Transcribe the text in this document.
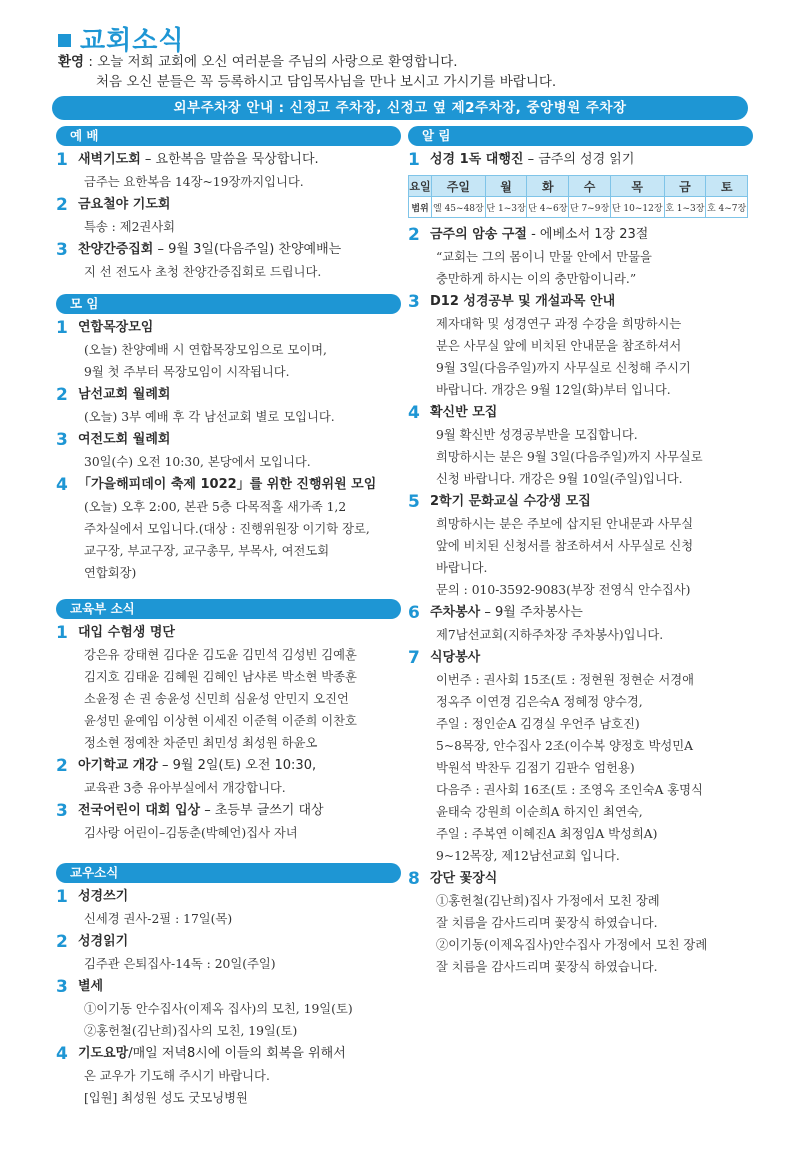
교회소식
환영 : 오늘 저희 교회에 오신 여러분을 주님의 사랑으로 환영합니다.
처음 오신 분들은 꼭 등록하시고 담임목사님을 만나 보시고 가시기를 바랍니다.
외부주차장 안내 : 신정고 주차장, 신정고 옆 제2주차장, 중앙병원 주차장
예 배
1 새벽기도회 – 요한복음 말씀을 묵상합니다.
금주는 요한복음 14장~19장까지입니다.
2 금요철야 기도회
특송 : 제2권사회
3 찬양간증집회 – 9월 3일(다음주일) 찬양예배는
지 선 전도사 초청 찬양간증집회로 드립니다.
모 임
1 연합목장모임
(오늘) 찬양예배 시 연합목장모임으로 모이며,
9월 첫 주부터 목장모임이 시작됩니다.
2 남선교회 월례회
(오늘) 3부 예배 후 각 남선교회 별로 모입니다.
3 여전도회 월례회
30일(수) 오전 10:30, 본당에서 모입니다.
4 「가을해피데이 축제 1022」를 위한 진행위원 모임
(오늘) 오후 2:00, 본관 5층 다목적홀 새가족 1,2
주차실에서 모입니다.(대상 : 진행위원장 이기학 장로,
교구장, 부교구장, 교구총무, 부목사, 여전도회
연합회장)
교육부 소식
1 대입 수험생 명단
강은유 강태현 김다운 김도윤 김민석 김성빈 김예훈
김지호 김태윤 김혜원 김혜인 남샤론 박소현 박종훈
소윤정 손 권 송윤성 신민희 심윤성 안민지 오진언
윤성민 윤예임 이상현 이세진 이준혁 이준희 이찬호
정소현 정예찬 차준민 최민성 최성원 하윤오
2 아기학교 개강 – 9월 2일(토) 오전 10:30,
교육관 3층 유아부실에서 개강합니다.
3 전국어린이 대회 입상 – 초등부 글쓰기 대상
김사랑 어린이–김동춘(박혜언)집사 자녀
교우소식
1 성경쓰기
신세경 권사-2필 : 17일(목)
2 성경읽기
김주관 은퇴집사-14독 : 20일(주일)
3 별세
①이기동 안수집사(이제옥 집사)의 모친, 19일(토)
②홍헌철(김난희)집사의 모친, 19일(토)
4 기도요망/매일 저녁8시에 이들의 회복을 위해서
온 교우가 기도해 주시기 바랍니다.
[입원] 최성원 성도 굿모닝병원
알 림
1 성경 1독 대행진 – 금주의 성경 읽기
요일	주일	월	화	수	목	금	토
범위	엘 45~48장	단 1~3장	단 4~6장	단 7~9장	단 10~12장	호 1~3장	호 4~7장
2 금주의 암송 구절 - 에베소서 1장 23절
“교회는 그의 몸이니 만물 안에서 만물을
충만하게 하시는 이의 충만함이니라.”
3 D12 성경공부 및 개설과목 안내
제자대학 및 성경연구 과정 수강을 희망하시는
분은 사무실 앞에 비치된 안내문을 참조하셔서
9월 3일(다음주일)까지 사무실로 신청해 주시기
바랍니다. 개강은 9월 12일(화)부터 입니다.
4 확신반 모집
9월 확신반 성경공부반을 모집합니다.
희망하시는 분은 9월 3일(다음주일)까지 사무실로
신청 바랍니다. 개강은 9월 10일(주일)입니다.
5 2학기 문화교실 수강생 모집
희망하시는 분은 주보에 삽지된 안내문과 사무실
앞에 비치된 신청서를 참조하셔서 사무실로 신청
바랍니다.
문의 : 010-3592-9083(부장 전영식 안수집사)
6 주차봉사 – 9월 주차봉사는
제7남선교회(지하주차장 주차봉사)입니다.
7 식당봉사
이번주 : 권사회 15조(토 : 정현원 정현순 서경애
정옥주 이연경 김은숙A 정혜정 양수경,
주일 : 정인순A 김경실 우언주 남호진)
5~8목장, 안수집사 2조(이수복 양정호 박성민A
박원석 박찬두 김점기 김판수 엄헌용)
다음주 : 권사회 16조(토 : 조영옥 조인숙A 홍명식
윤태숙 강원희 이순희A 하지인 최연숙,
주일 : 주복연 이혜진A 최정임A 박성희A)
9~12목장, 제12남선교회 입니다.
8 강단 꽃장식
①홍헌철(김난희)집사 가정에서 모친 장례
잘 치름을 감사드리며 꽃장식 하였습니다.
②이기동(이제옥집사)안수집사 가정에서 모친 장례
잘 치름을 감사드리며 꽃장식 하였습니다.
